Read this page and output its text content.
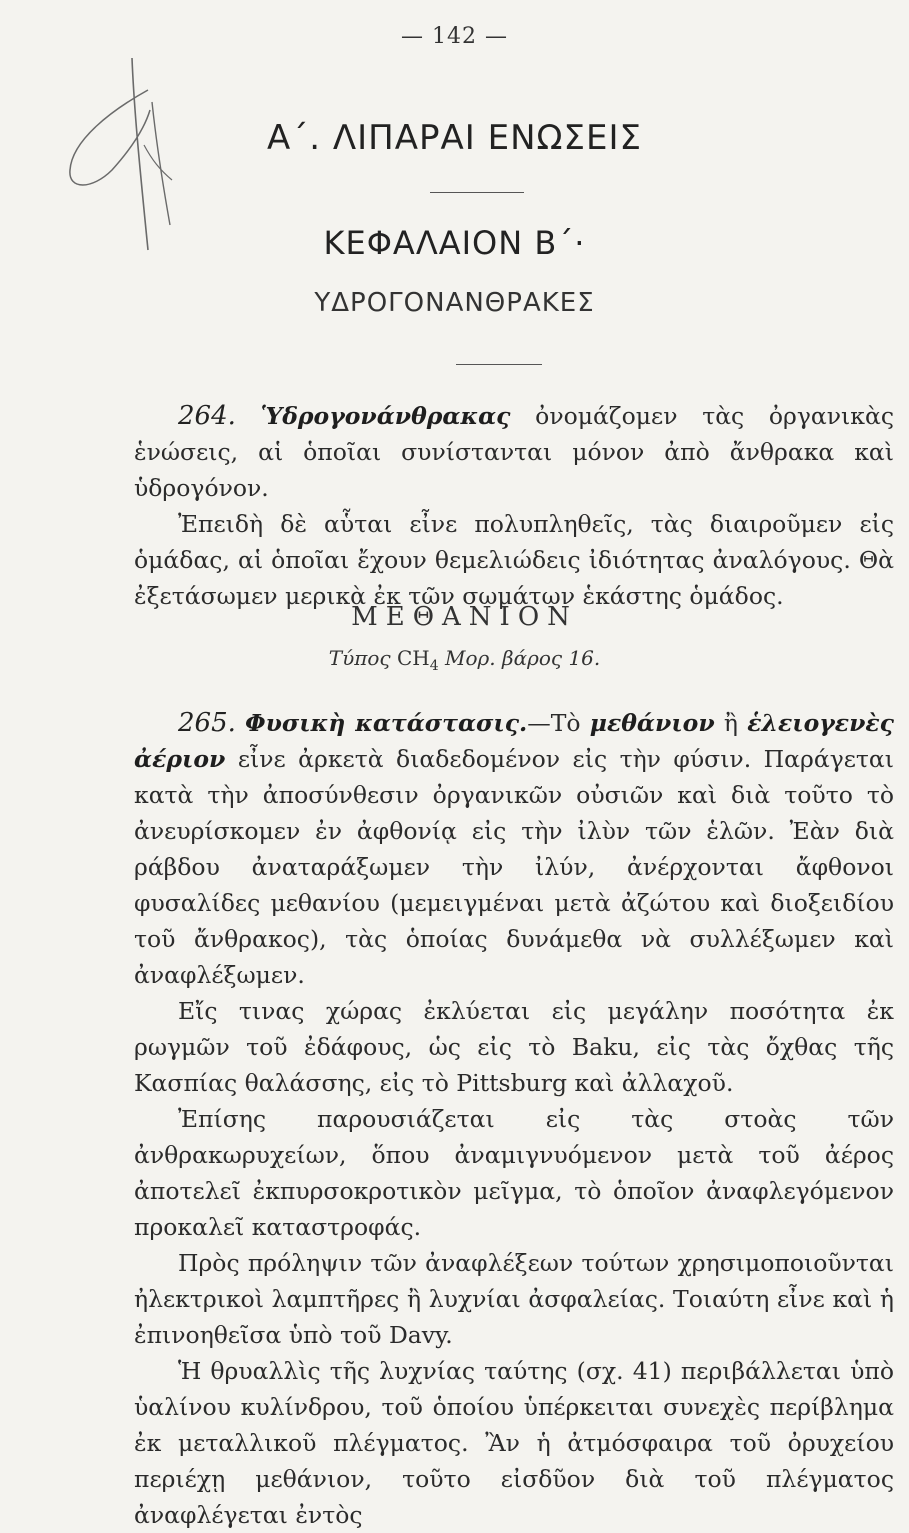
— 142 —
Α΄. ΛΙΠΑΡΑΙ ΕΝΩΣΕΙΣ
ΚΕΦΑΛΑΙΟΝ Β΄·
ΥΔΡΟΓΟΝΑΝΘΡΑΚΕΣ

264. Ὑδρογονάνθρακας ὀνομάζομεν τὰς ὀργανικὰς ἑνώσεις, αἱ ὁποῖαι συνίστανται μόνον ἀπὸ ἄνθρακα καὶ ὑδρογόνον.

Ἐπειδὴ δὲ αὗται εἶνε πολυπληθεῖς, τὰς διαιροῦμεν εἰς ὁμάδας, αἱ ὁποῖαι ἔχουν θεμελιώδεις ἰδιότητας ἀναλόγους. Θὰ ἐξετάσωμεν μερικὰ ἐκ τῶν σωμάτων ἑκάστης ὁμάδος.

ΜΕΘΑΝΙΟΝ
Τύπος $CH_4$ Μορ. βάρος 16.

265. Φυσικὴ κατάστασις.—Τὸ μεθάνιον ἢ ἑλειογενὲς ἀέριον εἶνε ἀρκετὰ διαδεδομένον εἰς τὴν φύσιν. Παράγεται κατὰ τὴν ἀποσύνθεσιν ὀργανικῶν οὐσιῶν καὶ διὰ τοῦτο τὸ ἀνευρίσκομεν ἐν ἀφθονίᾳ εἰς τὴν ἰλὺν τῶν ἑλῶν. Ἐὰν διὰ ράβδου ἀναταράξωμεν τὴν ἰλύν, ἀνέρχονται ἄφθονοι φυσαλίδες μεθανίου (μεμειγμέναι μετὰ ἀζώτου καὶ διοξειδίου τοῦ ἄνθρακος), τὰς ὁποίας δυνάμεθα νὰ συλλέξωμεν καὶ ἀναφλέξωμεν.

Εἴς τινας χώρας ἐκλύεται εἰς μεγάλην ποσότητα ἐκ ρωγμῶν τοῦ ἐδάφους, ὡς εἰς τὸ Baku, εἰς τὰς ὄχθας τῆς Κασπίας θαλάσσης, εἰς τὸ Pittsburg καὶ ἀλλαχοῦ.

Ἐπίσης παρουσιάζεται εἰς τὰς στοὰς τῶν ἀνθρακωρυχείων, ὅπου ἀναμιγνυόμενον μετὰ τοῦ ἀέρος ἀποτελεῖ ἐκπυρσοκροτικὸν μεῖγμα, τὸ ὁποῖον ἀναφλεγόμενον προκαλεῖ καταστροφάς.

Πρὸς πρόληψιν τῶν ἀναφλέξεων τούτων χρησιμοποιοῦνται ἠλεκτρικοὶ λαμπτῆρες ἢ λυχνίαι ἀσφαλείας. Τοιαύτη εἶνε καὶ ἡ ἐπινοηθεῖσα ὑπὸ τοῦ Davy.

Ἡ θρυαλλὶς τῆς λυχνίας ταύτης (σχ. 41) περιβάλλεται ὑπὸ ὑαλίνου κυλίνδρου, τοῦ ὁποίου ὑπέρκειται συνεχὲς περίβλημα ἐκ μεταλλικοῦ πλέγματος. Ἂν ἡ ἀτμόσφαιρα τοῦ ὀρυχείου περιέχῃ μεθάνιον, τοῦτο εἰσδῦον διὰ τοῦ πλέγματος ἀναφλέγεται ἐντὸς
